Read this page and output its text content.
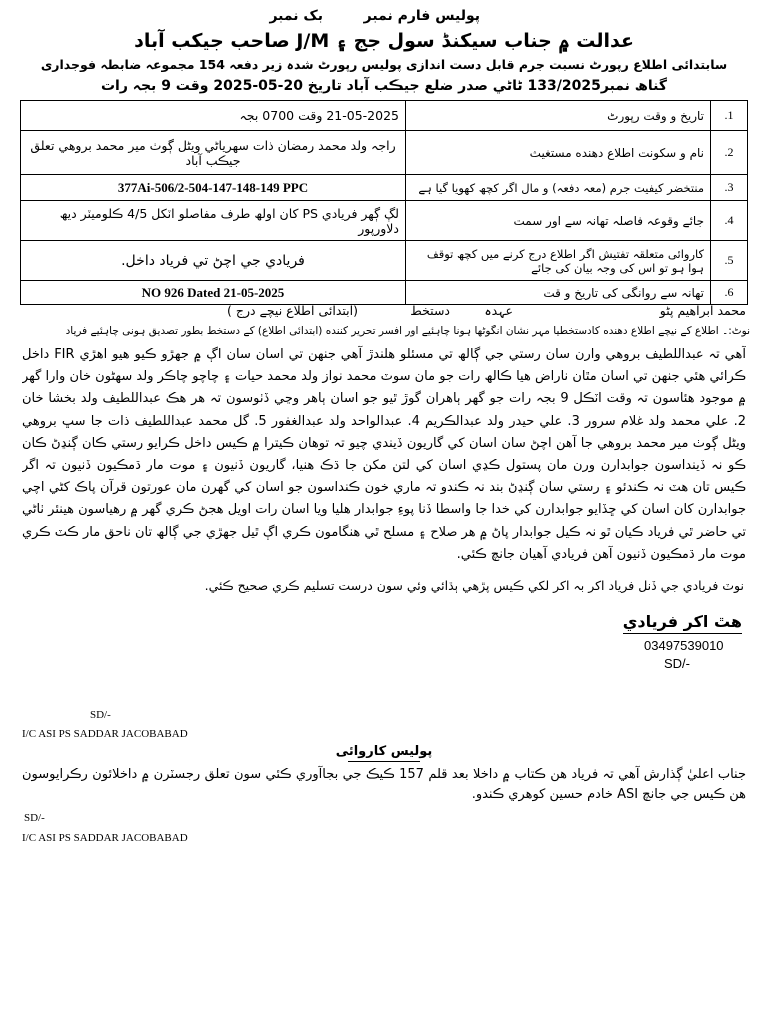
پولیس فارم نمبر
بک نمبر
عدالت ۾ جناب سیکنڈ سول جج ۽ J/M صاحب جیکب آباد
سابتدائی اطلاع رپورٹ نسبت جرم قابل دست اندازی پولیس رپورٹ شدہ زیر دفعہ 154 مجموعہ ضابطہ فوجداری
گناھ نمبر133/2025 ٹاڻي صدر ضلع جيڪب آباد تاريخ 20-05-2025 وقت 9 بجہ رات
1.	تاریخ و وقت رپورٹ	21-05-2025 وقت 0700 بجہ
2.	نام و سکونت اطلاع دهنده مستغیث	راجہ ولد محمد رمضان ذات سهرياڻي ويڻل ڳوٺ مير محمد بروهي تعلق جيڪب آباد
3.	منتخضر کیفیت جرم (معہ دفعہ) و مال اگر کچھ کھویا گیا ہے	377Ai-506/2-504-147-148-149 PPC
4.	جائے وقوعہ فاصلہ تھانہ سے اور سمت	لڳ ڳھر فریادي PS کان اولھ طرف مفاصلو اٽکل 4/5 ڪلوميٽر ديھ دلاورپور
5.	کاروائی متعلقہ تفتیش اگر اطلاع درج کرنے میں کچھ توقف ہوا ہو تو اس کی وجہ بیان کی جائے	فريادي جي اچڻ تي فرياد داخل.
6.	تھانہ سے روانگی کی تاریخ و قت	NO 926 Dated 21-05-2025
محمد ابراهیم پٹو
عہدہ
دستخط
(ابتدائی اطلاع نیچے درج )
نوٹ:۔ اطلاع کے نیچے اطلاع دهنده کادستخطیا مہر نشان انگوٹھا ہونا چاہئیے اور افسر تحریر کننده (ابتدائی اطلاع) کے دستخط بطور تصدیق ہونی چاہئیے فریاد
آهي تہ عبداللطيف بروهي وارن سان رستي جي ڳالھ تي مسئلو هلندڙ آهي جنهن تي اسان سان اڳ ۾ جهڙو ڪيو هيو اهڙي FIR داخل ڪرائي هئي جنهن تي اسان مٿان ناراض هيا ڪالھ رات جو مان سوٽ محمد نواز ولد محمد حيات ۽ چاچو چاڪر ولد سهڻون خان وارا گهر ۾ موجود هئاسون تہ وقت اٽڪل 9 بجہ رات جو گهر ٻاهران گوڙ ٿيو جو اسان ٻاهر وڃي ڏٺوسون تہ ھر ھڪ عبداللطيف ولد بخشا خان 2. علي محمد ولد غلام سرور 3. علي حيدر ولد عبدالڪريم 4. عبدالواحد ولد عبدالغفور 5. گل محمد عبداللطيف ذات جا سڀ بروهي ويڻل ڳوٺ مير محمد بروهي جا آهن اچڻ سان اسان کي گاريون ڏيندي چيو تہ توهان ڪيترا ۾ ڪيس داخل ڪرايو رستي ڪان ڳنڍڻ ڪان ڪو نہ ڏينداسون جوابدارن ورن مان پستول ڪڍي اسان کي لتن مکن جا ڌڪ هنيا، گاريون ڏنيون ۽ موت مار ڌمڪيون ڏنيون تہ اگر ڪيس تان هٽ نہ ڪندئو ۽ رستي سان ڳنڍڻ بند نہ ڪندو تہ ماري خون ڪنداسون جو اسان کي گهرن مان عورتون قرآن پاڪ کڻي اچي جوابدارن کان اسان کي ڇڏايو جوابدارن کي خدا جا واسطا ڏنا پوءِ جوابدار هليا ويا اسان رات اويل هجڻ ڪري گهر ۾ رهياسون هينئر ٺاڻي تي حاضر ٿي فرياد ڪيان ٿو نہ ڪيل جوابدار پاڻ ۾ هر صلاح ۽ مسلح ٿي هنگامون ڪري اڳ ٿيل جهڙي جي ڳالھ تان ناحق مار ڪٽ ڪري موت مار ڌمڪيون ڏنيون آهن فريادي آهيان جانچ ڪئي.
نوٽ فريادي جي ڏنل فرياد اکر بہ اکر لکي ڪيس پڙهي ٻڌائي وئي سون درست تسليم ڪري صحيح ڪئي.
هٿ اکر فريادي
03497539010
SD/-
SD/-
I/C ASI PS SADDAR JACOBABAD
پولیس کاروائی
جناب اعليٰ ڳذارش آهي تہ فرياد هن ڪتاب ۾ داخلا بعد قلم 157 ڪيڪ جي بجاآوري ڪئي سون تعلق رجسٽرن ۾ داخلائون رڪرايوسون هن ڪيس جي جانچ ASI خادم حسين کوهري ڪندو.
SD/-
I/C ASI PS SADDAR JACOBABAD
